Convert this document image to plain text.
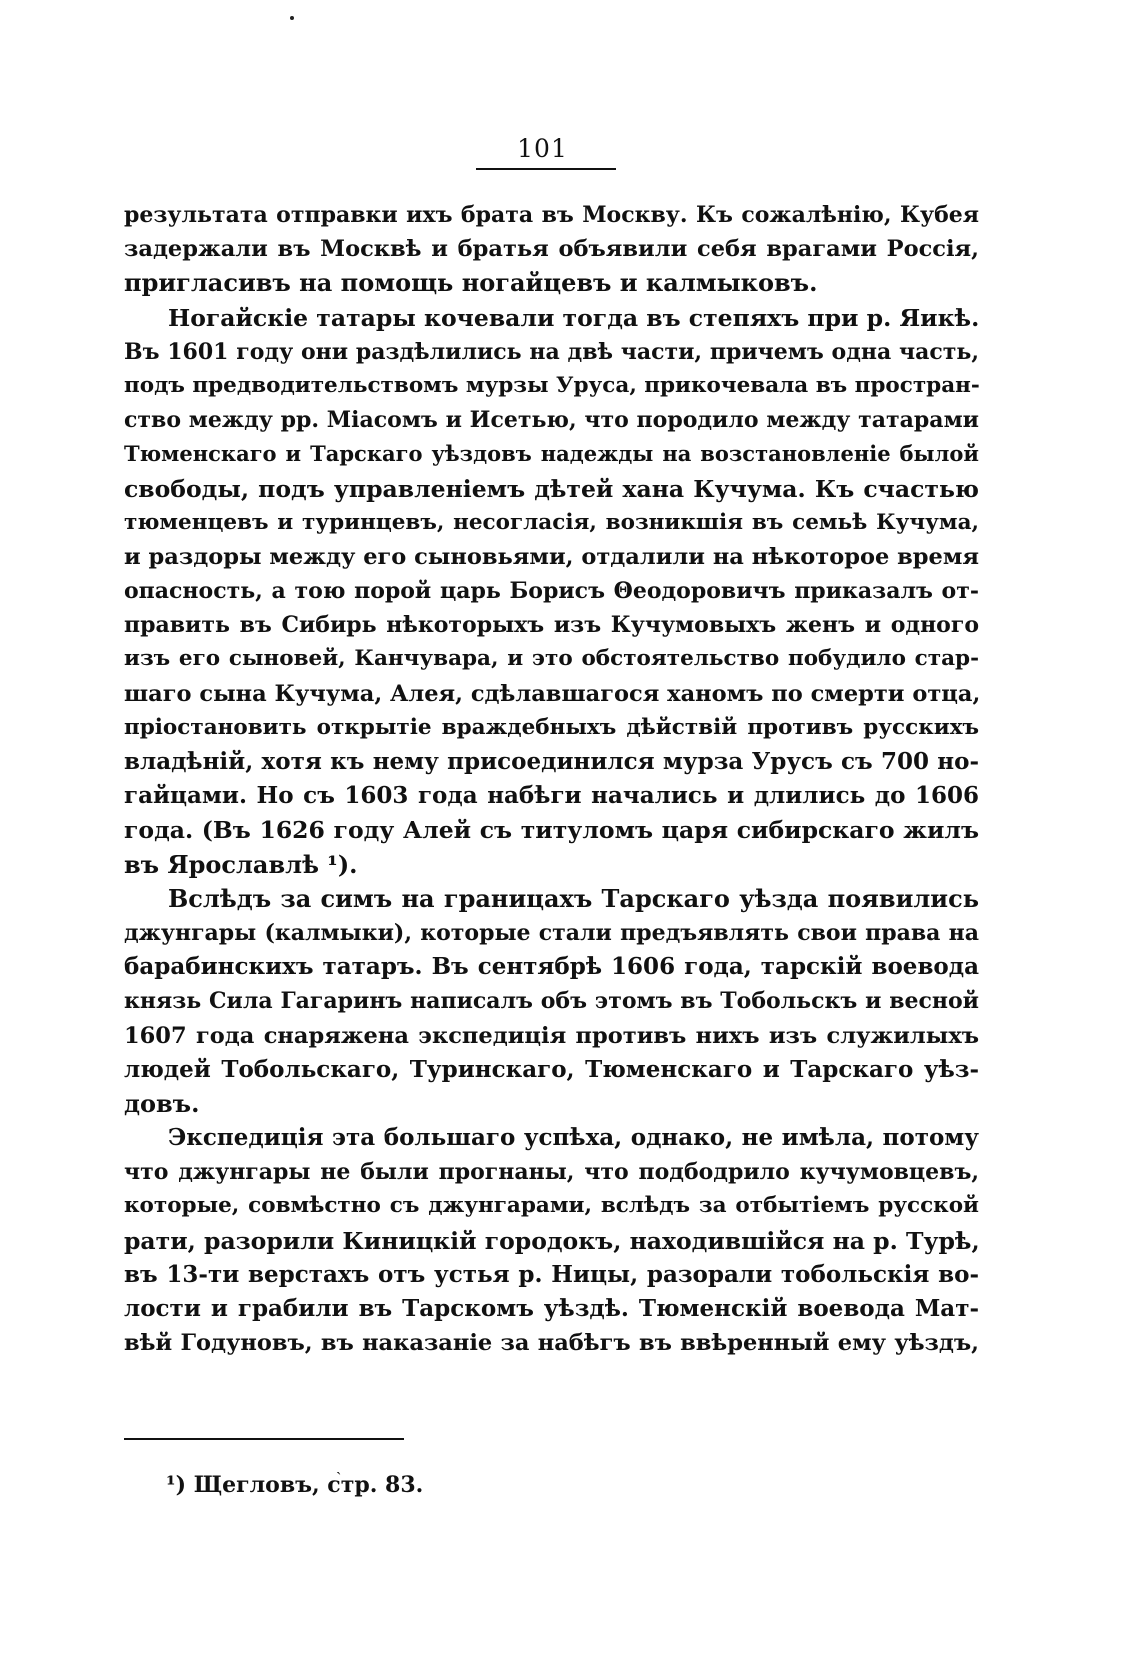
101
результата отправки ихъ брата въ Москву. Къ сожалѣнію, Кубея
задержали въ Москвѣ и братья объявили себя врагами Россія,
пригласивъ на помощь ногайцевъ и калмыковъ.
Ногайскіе татары кочевали тогда въ степяхъ при р. Яикѣ.
Въ 1601 году они раздѣлились на двѣ части, причемъ одна часть,
подъ предводительствомъ мурзы Уруса, прикочевала въ простран-
ство между рр. Міасомъ и Исетью, что породило между татарами
Тюменскаго и Тарскаго уѣздовъ надежды на возстановленіе былой
свободы, подъ управленіемъ дѣтей хана Кучума. Къ счастью
тюменцевъ и туринцевъ, несогласія, возникшія въ семьѣ Кучума,
и раздоры между его сыновьями, отдалили на нѣкоторое время
опасность, а тою порой царь Борисъ Θеодоровичъ приказалъ от-
править въ Сибирь нѣкоторыхъ изъ Кучумовыхъ женъ и одного
изъ его сыновей, Канчувара, и это обстоятельство побудило стар-
шаго сына Кучума, Алея, сдѣлавшагося ханомъ по смерти отца,
пріостановить открытіе враждебныхъ дѣйствій противъ русскихъ
владѣній, хотя къ нему присоединился мурза Урусъ съ 700 но-
гайцами. Но съ 1603 года набѣги начались и длились до 1606
года. (Въ 1626 году Алей съ титуломъ царя сибирскаго жилъ
въ Ярославлѣ ¹).
Вслѣдъ за симъ на границахъ Тарскаго уѣзда появились
джунгары (калмыки), которые стали предъявлять свои права на
барабинскихъ татаръ. Въ сентябрѣ 1606 года, тарскій воевода
князь Сила Гагаринъ написалъ объ этомъ въ Тобольскъ и весной
1607 года снаряжена экспедиція противъ нихъ изъ служилыхъ
людей Тобольскаго, Туринскаго, Тюменскаго и Тарскаго уѣз-
довъ.
Экспедиція эта большаго успѣха, однако, не имѣла, потому
что джунгары не были прогнаны, что подбодрило кучумовцевъ,
которые, совмѣстно съ джунгарами, вслѣдъ за отбытіемъ русской
рати, разорили Киницкій городокъ, находившійся на р. Турѣ,
въ 13-ти верстахъ отъ устья р. Ницы, разорали тобольскія во-
лости и грабили въ Тарскомъ уѣздѣ. Тюменскій воевода Мат-
вѣй Годуновъ, въ наказаніе за набѣгъ въ ввѣренный ему уѣздъ,
ˏ
¹) Щегловъ, стр. 83.
